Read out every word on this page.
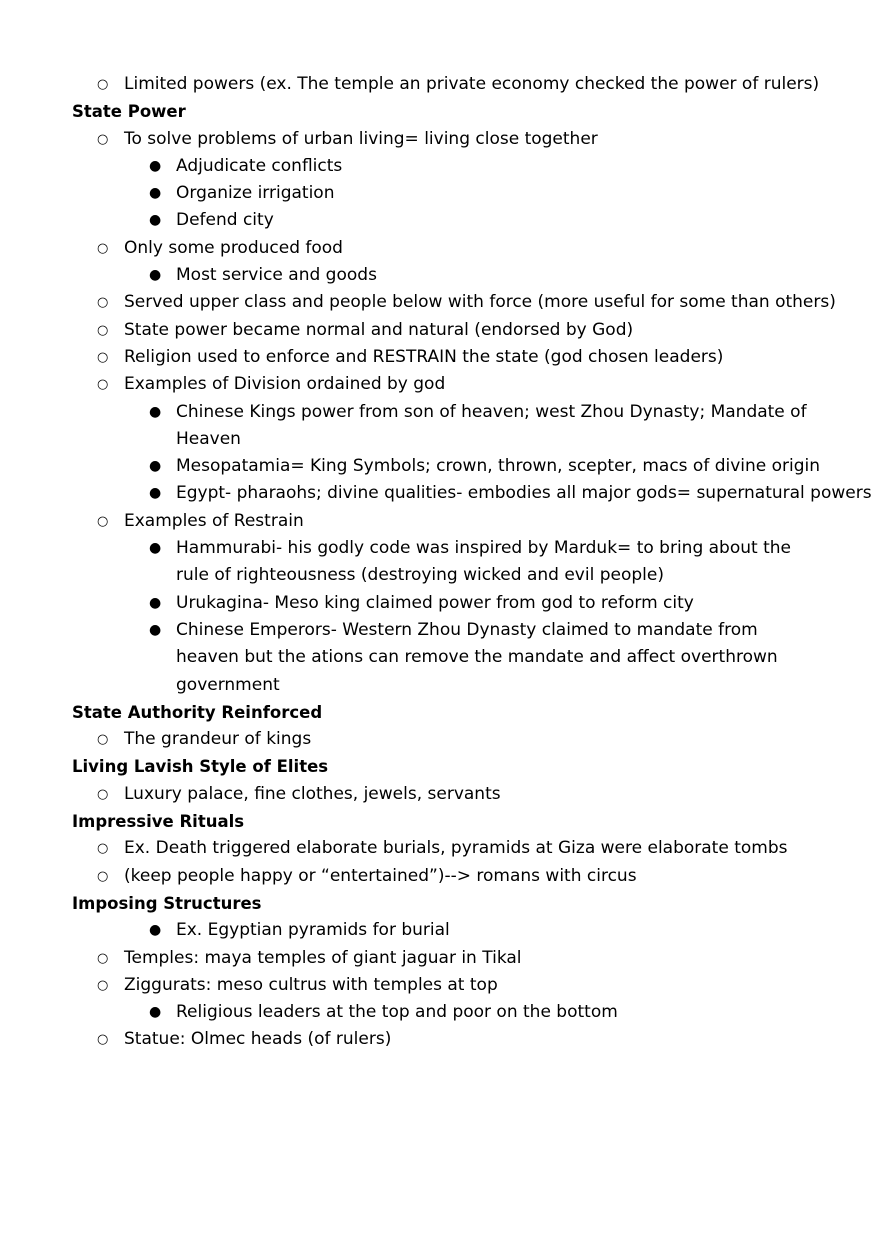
○ Limited powers (ex. The temple an private economy checked the power of rulers)
State Power
○ To solve problems of urban living= living close together
● Adjudicate conflicts
● Organize irrigation
● Defend city
○ Only some produced food
● Most service and goods
○ Served upper class and people below with force (more useful for some than others)
○ State power became normal and natural (endorsed by God)
○ Religion used to enforce and RESTRAIN the state (god chosen leaders)
○ Examples of Division ordained by god
● Chinese Kings power from son of heaven; west Zhou Dynasty; Mandate of Heaven
● Mesopatamia= King Symbols; crown, thrown, scepter, macs of divine origin
● Egypt- pharaohs; divine qualities- embodies all major gods= supernatural powers
○ Examples of Restrain
● Hammurabi- his godly code was inspired by Marduk= to bring about the rule of righteousness (destroying wicked and evil people)
● Urukagina- Meso king claimed power from god to reform city
● Chinese Emperors- Western Zhou Dynasty claimed to mandate from heaven but the ations can remove the mandate and affect overthrown government
State Authority Reinforced
○ The grandeur of kings
Living Lavish Style of Elites
○ Luxury palace, fine clothes, jewels, servants
Impressive Rituals
○ Ex. Death triggered elaborate burials, pyramids at Giza were elaborate tombs
○ (keep people happy or “entertained”)--> romans with circus
Imposing Structures
● Ex. Egyptian pyramids for burial
○ Temples: maya temples of giant jaguar in Tikal
○ Ziggurats: meso cultrus with temples at top
● Religious leaders at the top and poor on the bottom
○ Statue: Olmec heads (of rulers)
